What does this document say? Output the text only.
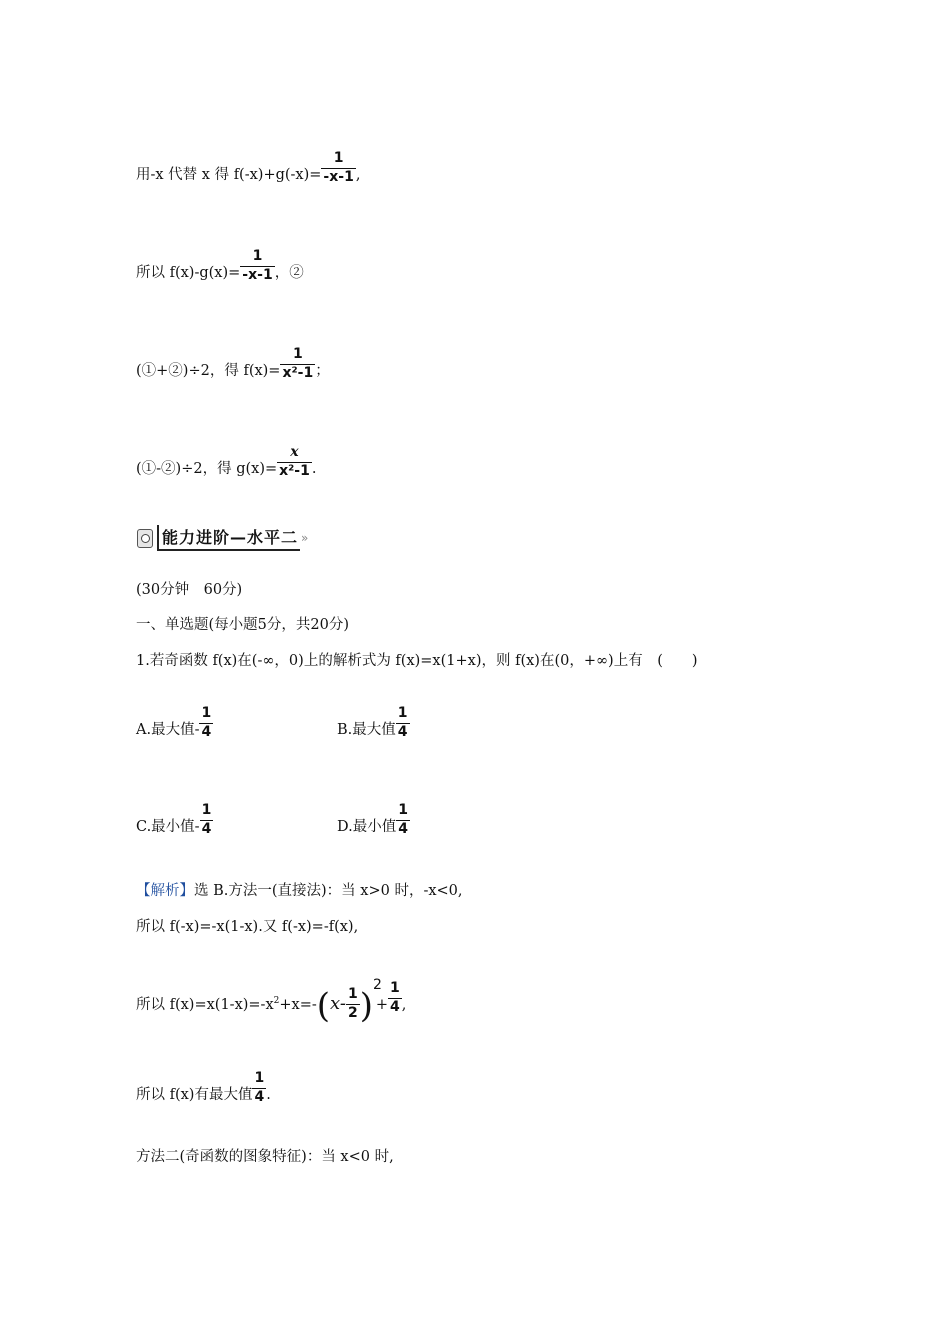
用-x 代替 x 得 $f(-x)+g(-x)= \frac{1}{-x-1}$ ,
所以 $f(x)-g(x)= \frac{1}{-x-1}$ ，②
(①+②)÷2，得 $f(x)= \frac{1}{\text{x²-1}}$ ；
(①-②)÷2，得 $g(x)= \frac{x}{\text{x²-1}}$ .
能力进阶—水平二 »
(30分钟　60分)
一、单选题(每小题5分，共20分)
1.若奇函数 f(x)在(-∞，0)上的解析式为 f(x)=x(1+x)，则 f(x)在(0，+∞)上有　(　　)
A.最大值- $\frac{1}{4}$	B.最大值 $\frac{1}{4}$
C.最小值- $\frac{1}{4}$	D.最小值 $\frac{1}{4}$
【解析】选 B.方法一(直接法)：当 x>0 时，-x<0,
所以 f(-x)=-x(1-x).又 f(-x)=-f(x),
所以 $f(x)=x(1-x)=-x^2+x=-(x- \frac{1}{2} )^2+ \frac{1}{4}$ ,
所以 f(x)有最大值 $\frac{1}{4}$ .
方法二(奇函数的图象特征)：当 x<0 时,
